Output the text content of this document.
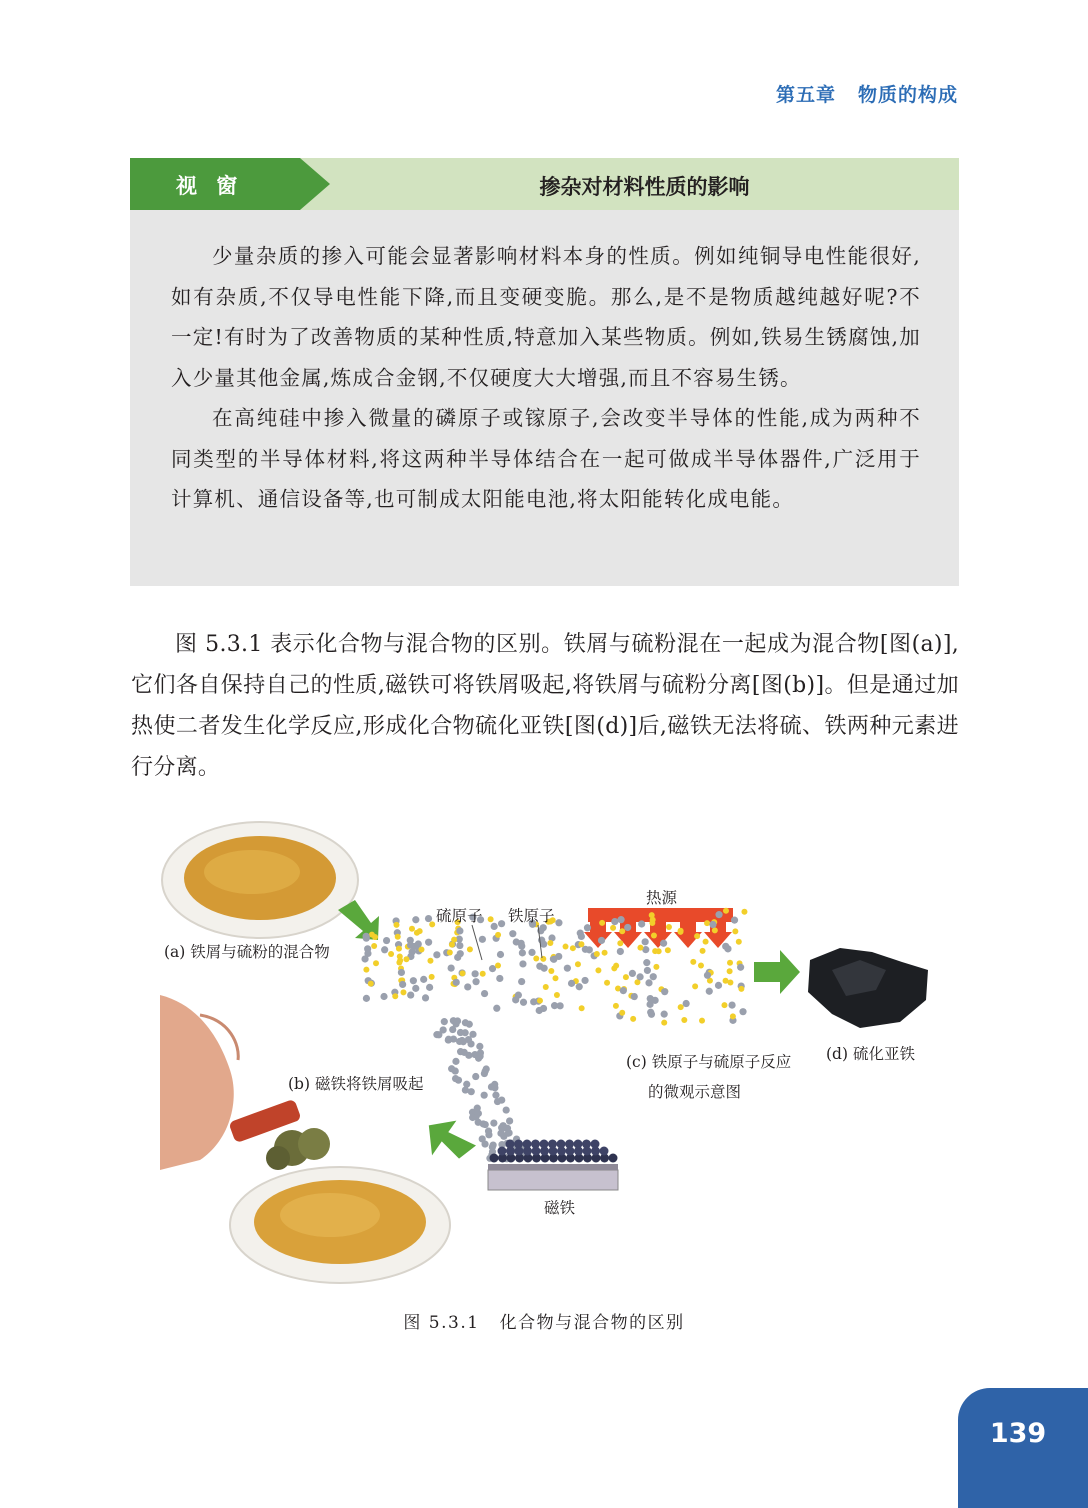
第五章 物质的构成
视 窗	掺杂对材料性质的影响

少量杂质的掺入可能会显著影响材料本身的性质。例如纯铜导电性能很好,如有杂质,不仅导电性能下降,而且变硬变脆。那么,是不是物质越纯越好呢?不一定!有时为了改善物质的某种性质,特意加入某些物质。例如,铁易生锈腐蚀,加入少量其他金属,炼成合金钢,不仅硬度大大增强,而且不容易生锈。

在高纯硅中掺入微量的磷原子或镓原子,会改变半导体的性能,成为两种不同类型的半导体材料,将这两种半导体结合在一起可做成半导体器件,广泛用于计算机、通信设备等,也可制成太阳能电池,将太阳能转化成电能。

图 5.3.1 表示化合物与混合物的区别。铁屑与硫粉混在一起成为混合物[图(a)],它们各自保持自己的性质,磁铁可将铁屑吸起,将铁屑与硫粉分离[图(b)]。但是通过加热使二者发生化学反应,形成化合物硫化亚铁[图(d)]后,磁铁无法将硫、铁两种元素进行分离。

(a) 铁屑与硫粉的混合物
硫原子 铁原子
热源
(c) 铁原子与硫原子反应
的微观示意图
(d) 硫化亚铁
(b) 磁铁将铁屑吸起
磁铁
图 5.3.1 化合物与混合物的区别
139
